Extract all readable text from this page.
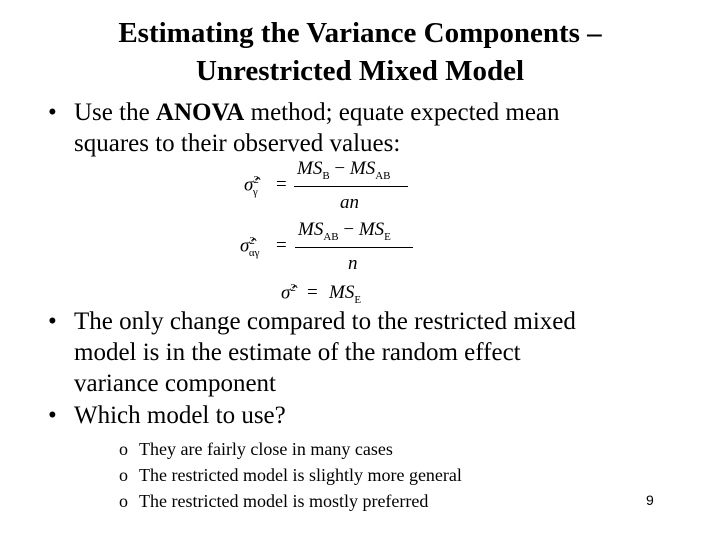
Estimating the Variance Components –
Unrestricted Mixed Model
• Use the ANOVA method; equate expected mean
squares to their observed values:
σ̂$^2_\gamma$ =
$MS_B - MS_{AB}$
an
σ̂$^2_{\alpha\gamma}$ =
$MS_{AB} - MS_E$
n
σ̂$^2$ = $MS_E$
• The only change compared to the restricted mixed
model is in the estimate of the random effect
variance component
• Which model to use?
o They are fairly close in many cases
o The restricted model is slightly more general
o The restricted model is mostly preferred	9
